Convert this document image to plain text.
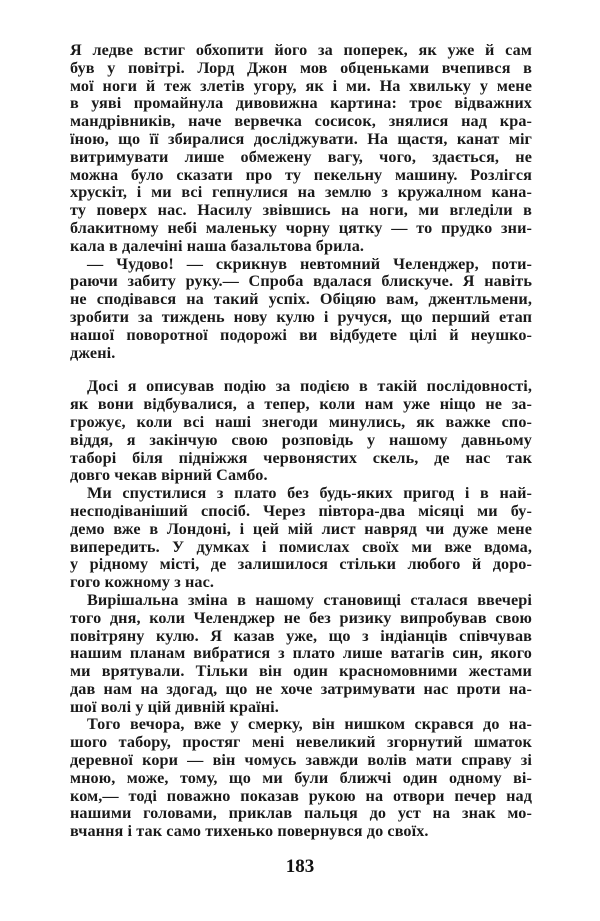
Я ледве встиг обхопити його за поперек, як уже й сам
був у повітрі. Лорд Джон мов обценьками вчепився в
мої ноги й теж злетів угору, як і ми. На хвильку у мене
в уяві промайнула дивовижна картина: троє відважних
мандрівників, наче вервечка сосисок, знялися над кра-
їною, що її збиралися досліджувати. На щастя, канат міг
витримувати лише обмежену вагу, чого, здається, не
можна було сказати про ту пекельну машину. Розлігся
хрускіт, і ми всі гепнулися на землю з кружалном кана-
ту поверх нас. Насилу звівшись на ноги, ми вгледіли в
блакитному небі маленьку чорну цятку — то прудко зни-
кала в далечіні наша базальтова брила.
— Чудово! — скрикнув невтомний Челенджер, поти-
раючи забиту руку.— Спроба вдалася блискуче. Я навіть
не сподівався на такий успіх. Обіцяю вам, джентльмени,
зробити за тиждень нову кулю і ручуся, що перший етап
нашої поворотної подорожі ви відбудете цілі й неушко-
джені.
Досі я описував подію за подією в такій послідовності,
як вони відбувалися, а тепер, коли нам уже ніщо не за-
грожує, коли всі наші знегоди минулись, як важке спо-
віддя, я закінчую свою розповідь у нашому давньому
таборі біля підніжжя червонястих скель, де нас так
довго чекав вірний Самбо.
Ми спустилися з плато без будь-яких пригод і в най-
несподіваніший спосіб. Через півтора-два місяці ми бу-
демо вже в Лондоні, і цей мій лист навряд чи дуже мене
випередить. У думках і помислах своїх ми вже вдома,
у рідному місті, де залишилося стільки любого й доро-
гого кожному з нас.
Вирішальна зміна в нашому становищі сталася ввечері
того дня, коли Челенджер не без ризику випробував свою
повітряну кулю. Я казав уже, що з індіанців співчував
нашим планам вибратися з плато лише ватагів син, якого
ми врятували. Тільки він один красномовними жестами
дав нам на здогад, що не хоче затримувати нас проти на-
шої волі у цій дивній країні.
Того вечора, вже у смерку, він нишком скрався до на-
шого табору, простяг мені невеликий згорнутий шматок
деревної кори — він чомусь завжди волів мати справу зі
мною, може, тому, що ми були ближчі один одному ві-
ком,— тоді поважно показав рукою на отвори печер над
нашими головами, приклав пальця до уст на знак мо-
вчання і так само тихенько повернувся до своїх.
183
